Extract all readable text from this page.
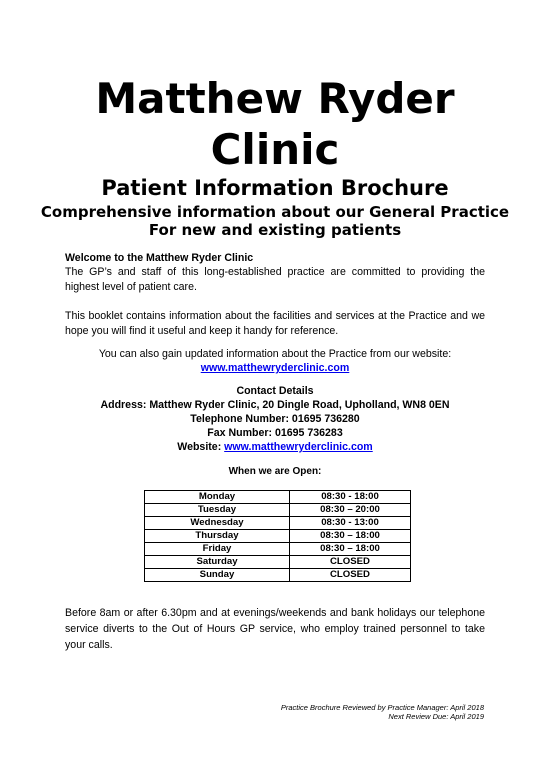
Matthew Ryder
Clinic
Patient Information Brochure
Comprehensive information about our General Practice
For new and existing patients
Welcome to the Matthew Ryder Clinic
The GP’s and staff of this long-established practice are committed to providing the highest level of patient care.
This booklet contains information about the facilities and services at the Practice and we hope you will find it useful and keep it handy for reference.
You can also gain updated information about the Practice from our website:
www.matthewryderclinic.com
Contact Details
Address: Matthew Ryder Clinic, 20 Dingle Road, Upholland, WN8 0EN
Telephone Number: 01695 736280
Fax Number: 01695 736283
Website: www.matthewryderclinic.com
When we are Open:
Monday	08:30 - 18:00
Tuesday	08:30 – 20:00
Wednesday	08:30 - 13:00
Thursday	08:30 – 18:00
Friday	08:30 – 18:00
Saturday	CLOSED
Sunday	CLOSED
Before 8am or after 6.30pm and at evenings/weekends and bank holidays our telephone service diverts to the Out of Hours GP service, who employ trained personnel to take your calls.
Practice Brochure Reviewed by Practice Manager: April 2018
Next Review Due: April 2019
